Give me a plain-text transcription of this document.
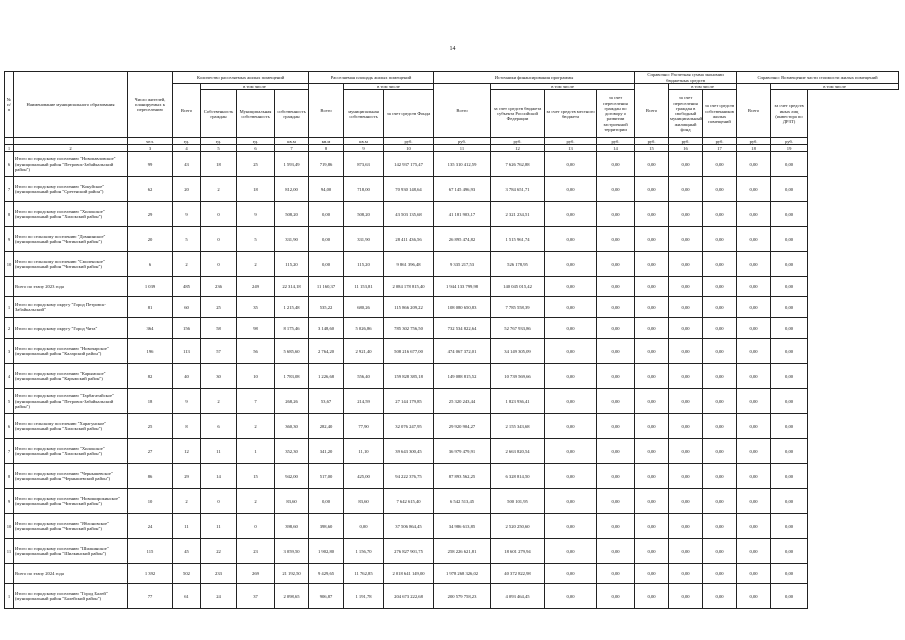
14
№ п/п	Наименование муниципального образования	Число жителей, планируемых к переселению	Количество расселяемых жилых помещений				Расселяемая площадь жилых помещений			Источники финансирования программы				Справочно: Расчетная сумма экономии бюджетных средств			Справочно: Возмещение части стоимости жилых помещений	
			Всего	в том числе			Всего	в том числе		Всего	в том числе			Всего	в том числе		Всего	в том числе
				Собственность граждан	Муниципальная собственность	собственность граждан		муниципальная собственность	за счет средств Фонда		за счет средств бюджета субъекта Российской Федерации	за счет средств местного бюджета	за счет переселения граждан по договору о развитии застроенной территории		за счет переселения граждан в свободный муниципальный жилищный фонд	за счет средств собственников жилых помещений		за счет средств иных лиц (инвестора по ДРЗТ)
		чел.	ед.	ед.	ед.	кв.м	кв.м	кв.м	руб.	руб.	руб.	руб.	руб.	руб.	руб.	руб.	руб.	руб.
1	2	3	4	5	6	7	8	9	10	11	12	13	14	15	16	17	18	19
6	Итого по городскому поселению "Новопавловское" (муниципальный район "Петровск-Забайкальский район")	99	43	18	25	1 593,49	719,86	873,63	142 937 175,47	135 310 412,59	7 626 762,88	0,00	0,00	0,00	0,00	0,00	0,00	0,00
7	Итого по городскому поселению "Кокуйское" (муниципальный район "Сретенский район")	62	20	2	18	812,00	94,00	718,00	70 930 148,64	67 145 496,93	3 784 651,71	0,00	0,00	0,00	0,00	0,00	0,00	0,00
8	Итого по городскому поселению "Хилокское" (муниципальный район "Хилокский район")	29	9	0	9	508,20	0,00	508,20	43 503 135,68	41 181 903,17	2 321 234,51	0,00	0,00	0,00	0,00	0,00	0,00	0,00
9	Итого по сельскому поселению "Домнинское" (муниципальный район "Читинский район")	20	5	0	5	331,90	0,00	331,90	28 411 436,56	26 895 474,82	1 515 961,74	0,00	0,00	0,00	0,00	0,00	0,00	0,00
10	Итого по сельскому поселению "Смоленское" (муниципальный район "Читинский район")	6	2	0	2	115,20	0,00	115,20	9 861 396,48	9 335 217,53	526 178,95	0,00	0,00	0,00	0,00	0,00	0,00	0,00
	Всего по этапу 2023 года	1 039	485	236	249	22 314,18	11 160,37	11 153,81	2 084 178 815,40	1 944 133 799,98	140 045 015,42	0,00	0,00	0,00	0,00	0,00	0,00	0,00
1	Итого по городскому округу "Город Петровск-Забайкальский"	81	60	25	35	1 215,48	535,22	680,26	115 866 209,22	108 080 650,83	7 785 558,39	0,00	0,00	0,00	0,00	0,00	0,00	0,00
2	Итого по городскому округу "Город Чита"	364	156	58	98	8 175,46	3 148,60	5 026,86	785 302 756,50	732 534 822,64	52 767 933,86	0,00	0,00	0,00	0,00	0,00	0,00	0,00
3	Итого по городскому поселению "Новочарское" (муниципальный район "Каларский район")	196	113	57	56	5 685,60	2 764,20	2 921,40	508 216 677,00	474 067 372,01	34 149 305,09	0,00	0,00	0,00	0,00	0,00	0,00	0,00
4	Итого по городскому поселению "Карымское" (муниципальный район "Карымский район")	82	40	30	10	1 783,08	1 226,68	556,40	159 828 385,18	149 088 815,52	10 739 569,66	0,00	0,00	0,00	0,00	0,00	0,00	0,00
5	Итого по городскому поселению "Тарбагатайское" (муниципальный район "Петровск-Забайкальский район")	18	9	2	7	268,26	53,67	214,59	27 144 179,85	25 320 243,44	1 823 936,41	0,00	0,00	0,00	0,00	0,00	0,00	0,00
6	Итого по сельскому поселению "Харагунское" (муниципальный район "Хилокский район")	25	8	6	2	360,30	282,40	77,90	32 076 247,95	29 920 904,27	2 155 343,68	0,00	0,00	0,00	0,00	0,00	0,00	0,00
7	Итого по городскому поселению "Хилокское" (муниципальный район "Хилокский район")	27	12	11	1	352,30	341,20	11,10	39 643 300,45	36 979 479,91	2 663 820,54	0,00	0,00	0,00	0,00	0,00	0,00	0,00
8	Итого по городскому поселению "Чернышевское" (муниципальный район "Чернышевский район")	86	29	14	15	942,00	517,00	425,00	94 222 376,75	87 893 562,25	6 328 814,50	0,00	0,00	0,00	0,00	0,00	0,00	0,00
9	Итого по городскому поселению "Новоширокинское" (муниципальный район "Читинский район")	10	2	0	2	83,60	0,00	83,60	7 642 615,40	6 542 513,45	500 101,95	0,00	0,00	0,00	0,00	0,00	0,00	0,00
10	Итого по городскому поселению "Яблоновское" (муниципальный район "Читинский район")	24	11	11	0	398,60	398,60	0,00	37 506 864,45	34 986 613,85	2 520 250,60	0,00	0,00	0,00	0,00	0,00	0,00	0,00
11	Итого по городскому поселению "Шилкинское" (муниципальный район "Шилкинский район")	115	45	22	23	3 059,50	1 902,80	1 156,70	276 827 901,75	258 226 621,81	18 601 279,94	0,00	0,00	0,00	0,00	0,00	0,00	0,00
	Всего по этапу 2024 года	1 392	502	233	269	21 192,50	9 429,65	11 762,85	2 018 641 149,00	1 978 268 326,02	40 372 822,98	0,00	0,00	0,00	0,00	0,00	0,00	0,00
1	Итого по городскому поселению "Город Балей" (муниципальный район "Балейский район")	77	61	24	37	2 098,65	906,87	1 191,78	204 673 222,68	200 579 758,23	4 093 464,45	0,00	0,00	0,00	0,00	0,00	0,00	0,00
